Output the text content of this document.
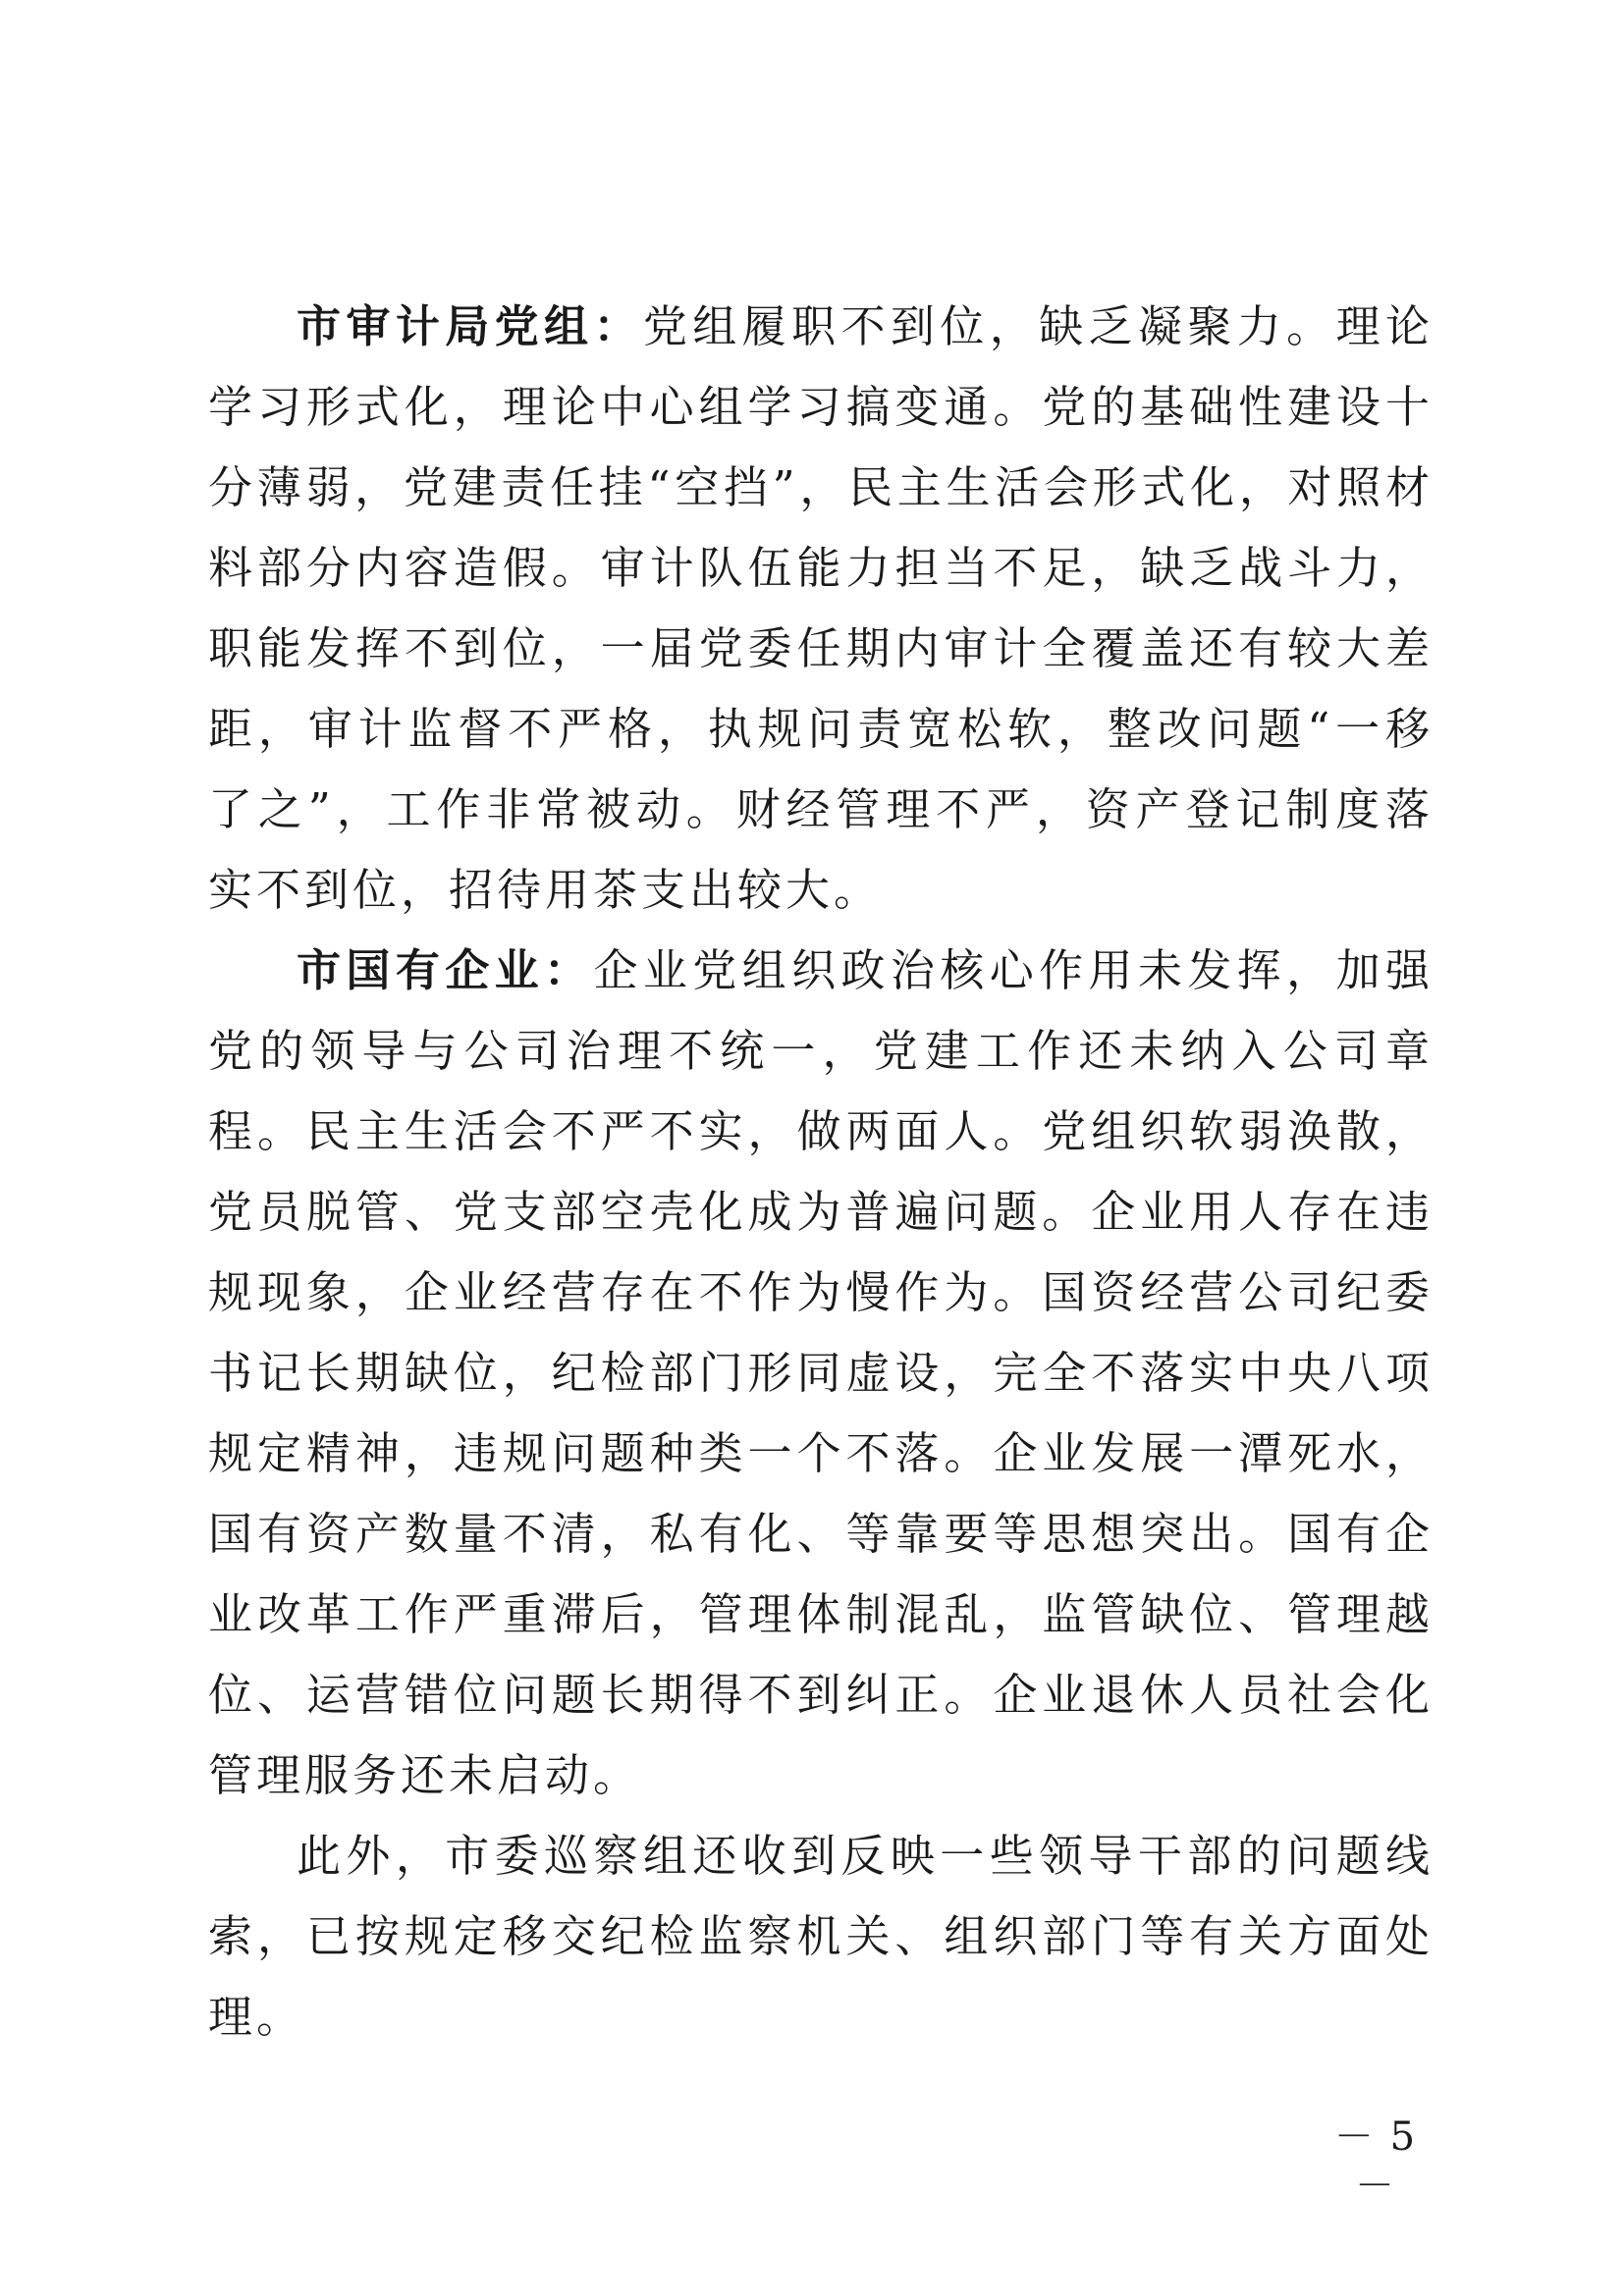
市审计局党组：党组履职不到位，缺乏凝聚力。理论学习形式化，理论中心组学习搞变通。党的基础性建设十分薄弱，党建责任挂“空挡”，民主生活会形式化，对照材料部分内容造假。审计队伍能力担当不足，缺乏战斗力，职能发挥不到位，一届党委任期内审计全覆盖还有较大差距，审计监督不严格，执规问责宽松软，整改问题“一移了之”，工作非常被动。财经管理不严，资产登记制度落实不到位，招待用茶支出较大。

市国有企业：企业党组织政治核心作用未发挥，加强党的领导与公司治理不统一，党建工作还未纳入公司章程。民主生活会不严不实，做两面人。党组织软弱涣散，党员脱管、党支部空壳化成为普遍问题。企业用人存在违规现象，企业经营存在不作为慢作为。国资经营公司纪委书记长期缺位，纪检部门形同虚设，完全不落实中央八项规定精神，违规问题种类一个不落。企业发展一潭死水，国有资产数量不清，私有化、等靠要等思想突出。国有企业改革工作严重滞后，管理体制混乱，监管缺位、管理越位、运营错位问题长期得不到纠正。企业退休人员社会化管理服务还未启动。

此外，市委巡察组还收到反映一些领导干部的问题线索，已按规定移交纪检监察机关、组织部门等有关方面处理。

－ 5 －
